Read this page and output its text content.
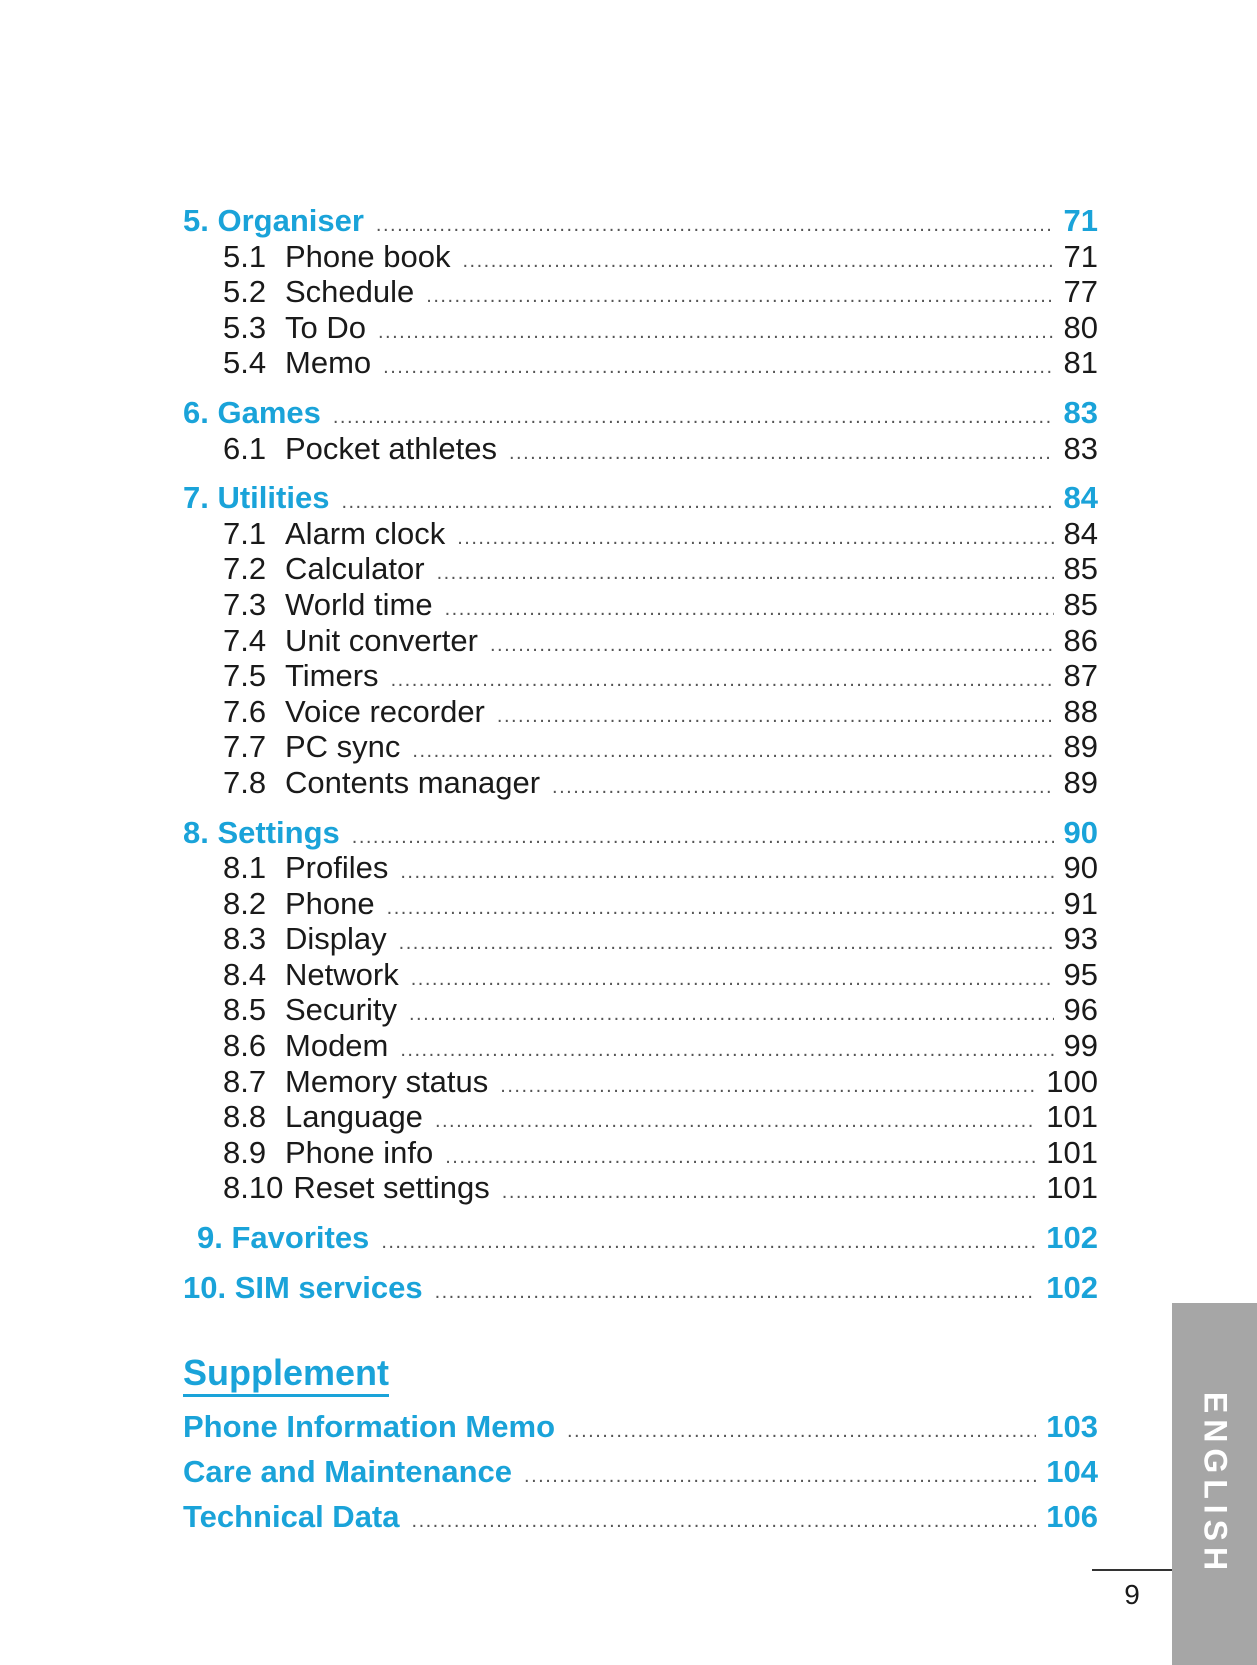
5. Organiser .....	71
5.1 Phone book .....	71
5.2 Schedule .....	77
5.3 To Do .....	80
5.4 Memo .....	81
6. Games .....	83
6.1 Pocket athletes .....	83
7. Utilities .....	84
7.1 Alarm clock .....	84
7.2 Calculator .....	85
7.3 World time .....	85
7.4 Unit converter .....	86
7.5 Timers .....	87
7.6 Voice recorder .....	88
7.7 PC sync .....	89
7.8 Contents manager .....	89
8. Settings .....	90
8.1 Profiles .....	90
8.2 Phone .....	91
8.3 Display .....	93
8.4 Network .....	95
8.5 Security .....	96
8.6 Modem .....	99
8.7 Memory status .....	100
8.8 Language .....	101
8.9 Phone info .....	101
8.10 Reset settings .....	101
9. Favorites .....	102
10. SIM services .....	102
Supplement
Phone Information Memo .....	103
Care and Maintenance .....	104
Technical Data .....	106	ENGLISH
9
